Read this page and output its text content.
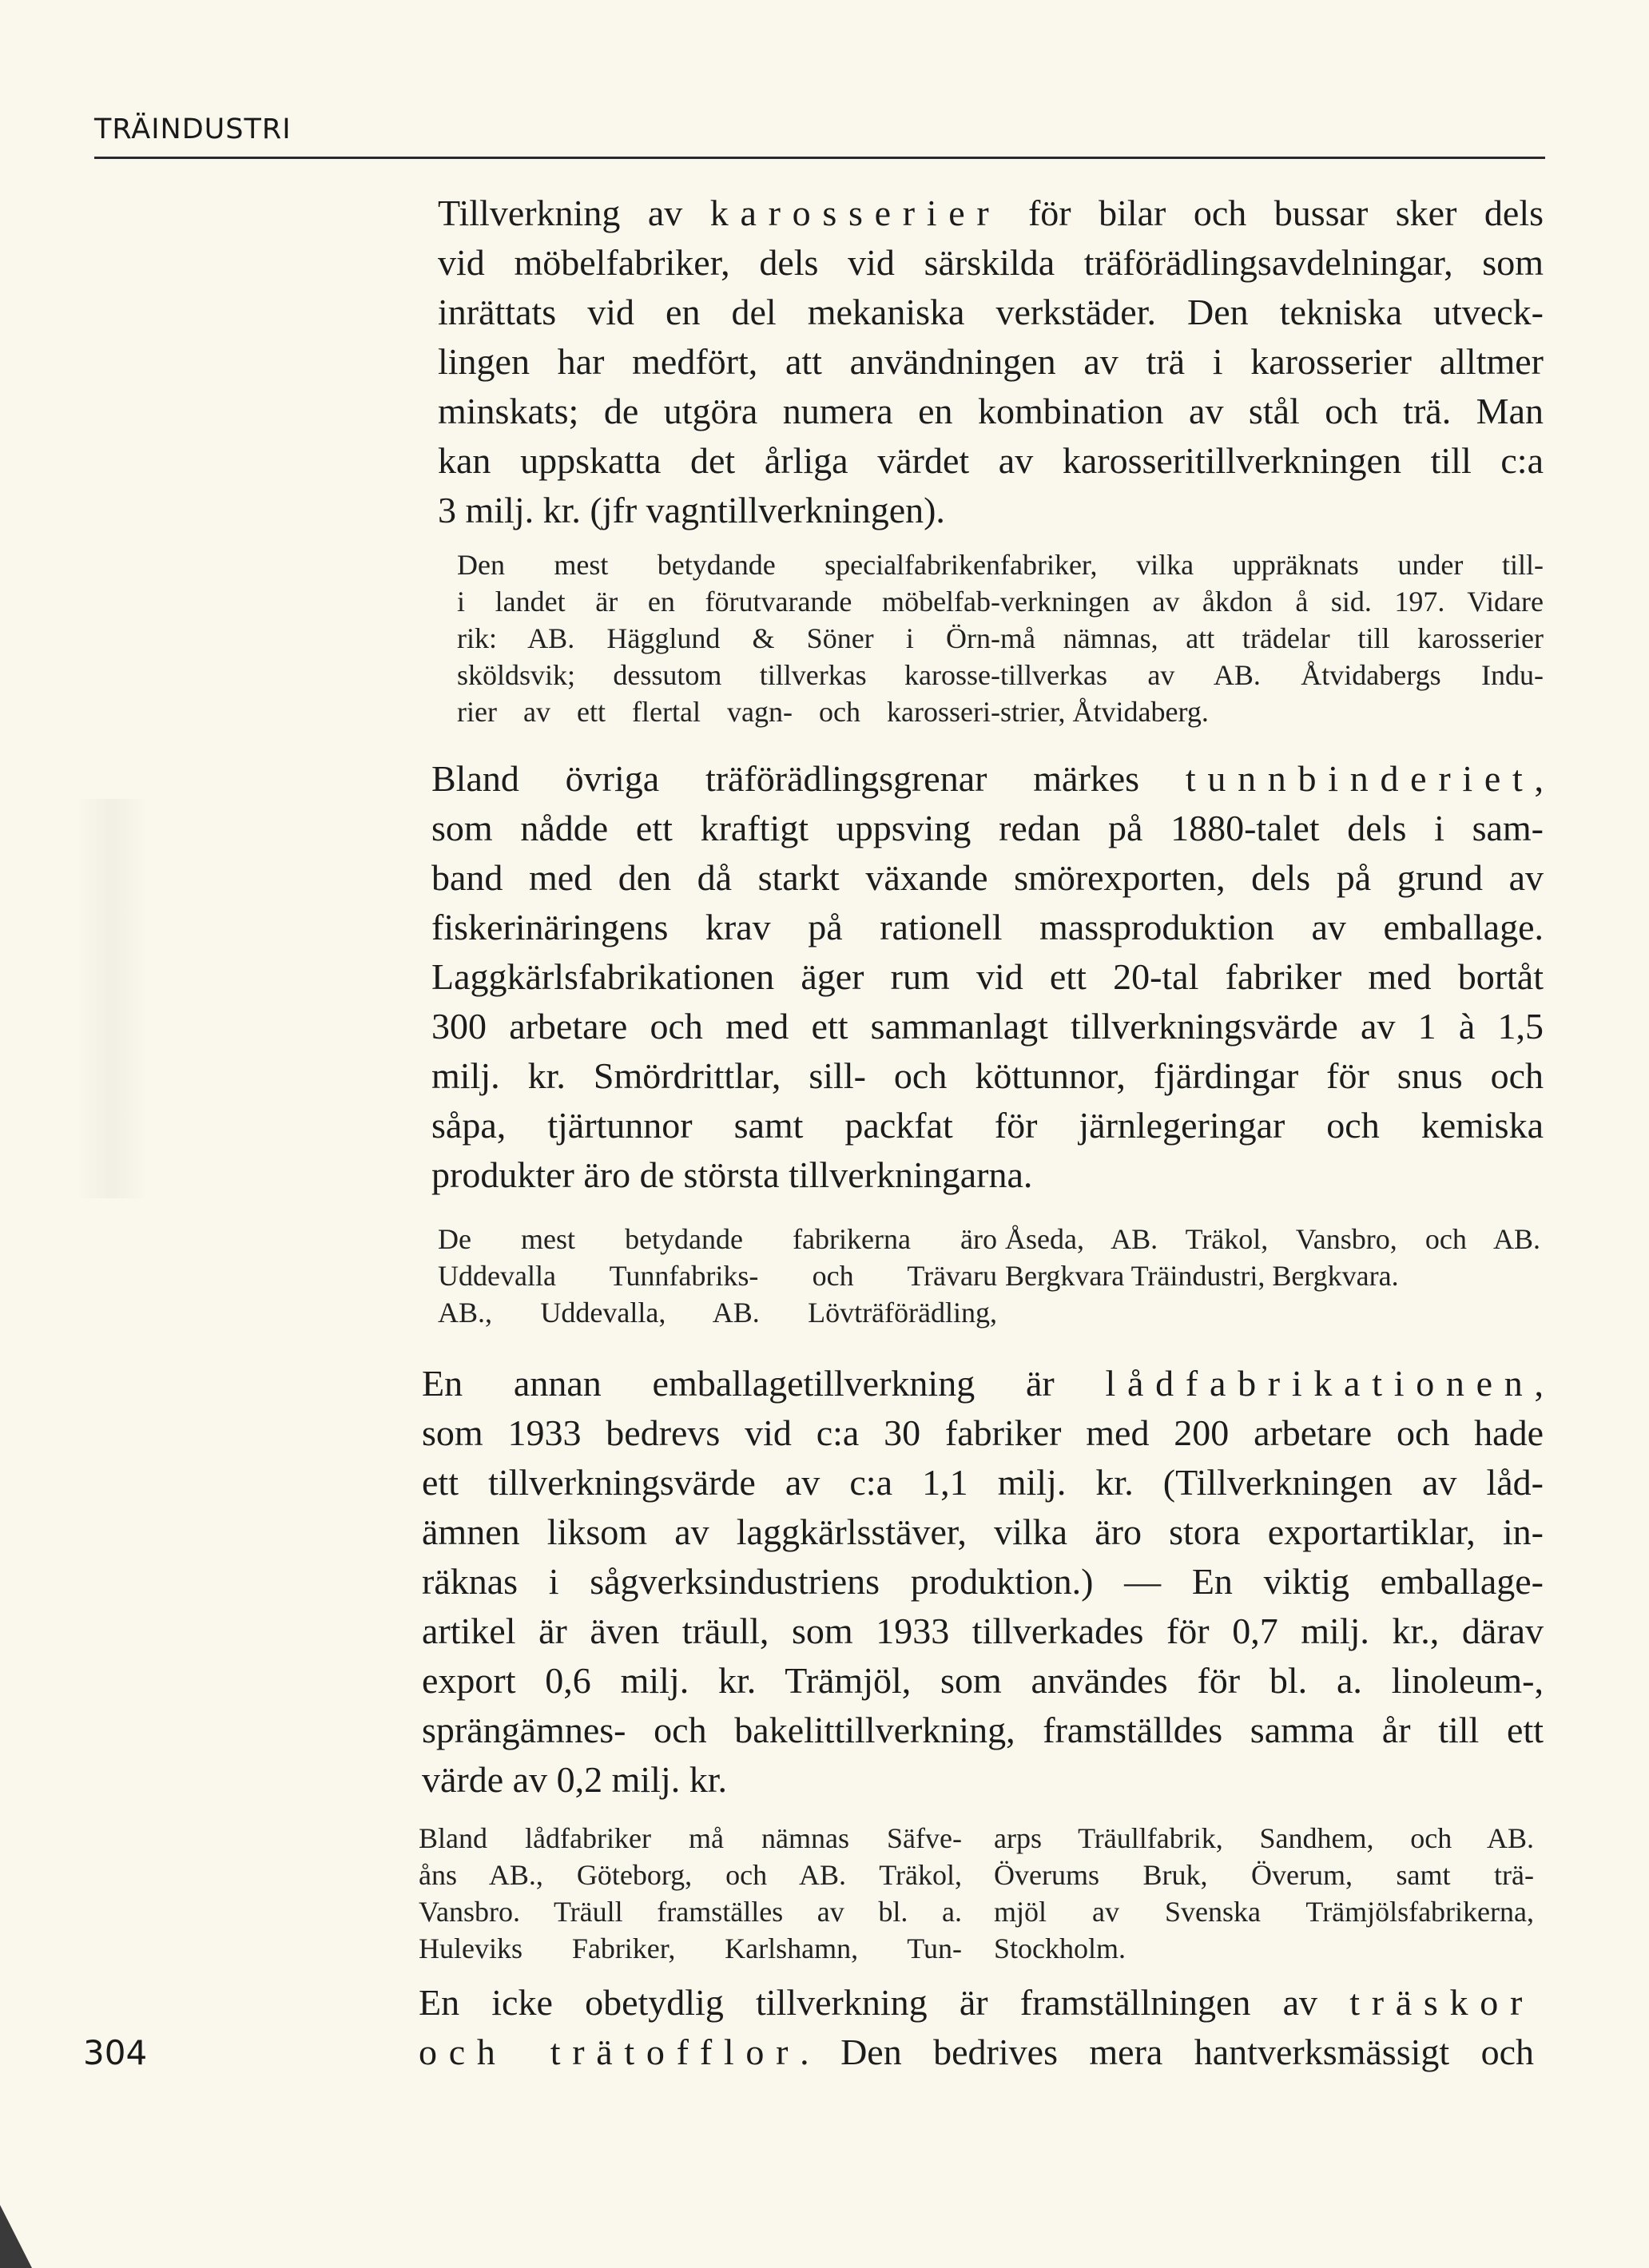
TRÄINDUSTRI
Tillverkning av karosserier för bilar och bussar sker dels
vid möbelfabriker, dels vid särskilda träförädlingsavdelningar, som
inrättats vid en del mekaniska verkstäder. Den tekniska utveck-
lingen har medfört, att användningen av trä i karosserier alltmer
minskats; de utgöra numera en kombination av stål och trä. Man
kan uppskatta det årliga värdet av karosseritillverkningen till c:a
3 milj. kr. (jfr vagntillverkningen).
Den mest betydande specialfabriken
i landet är en förutvarande möbelfab-
rik: AB. Hägglund & Söner i Örn-
sköldsvik; dessutom tillverkas karosse-
rier av ett flertal vagn- och karosseri-
fabriker, vilka uppräknats under till-
verkningen av åkdon å sid. 197. Vidare
må nämnas, att trädelar till karosserier
tillverkas av AB. Åtvidabergs Indu-
strier, Åtvidaberg.
Bland övriga träförädlingsgrenar märkes tunnbinderiet,
som nådde ett kraftigt uppsving redan på 1880-talet dels i sam-
band med den då starkt växande smörexporten, dels på grund av
fiskerinäringens krav på rationell massproduktion av emballage.
Laggkärlsfabrikationen äger rum vid ett 20-tal fabriker med bortåt
300 arbetare och med ett sammanlagt tillverkningsvärde av 1 à 1,5
milj. kr. Smördrittlar, sill- och köttunnor, fjärdingar för snus och
såpa, tjärtunnor samt packfat för järnlegeringar och kemiska
produkter äro de största tillverkningarna.
De mest betydande fabrikerna äro
Uddevalla Tunnfabriks- och Trävaru
AB., Uddevalla, AB. Lövträförädling,
Åseda, AB. Träkol, Vansbro, och AB.
Bergkvara Träindustri, Bergkvara.
En annan emballagetillverkning är lådfabrikationen,
som 1933 bedrevs vid c:a 30 fabriker med 200 arbetare och hade
ett tillverkningsvärde av c:a 1,1 milj. kr. (Tillverkningen av låd-
ämnen liksom av laggkärlsstäver, vilka äro stora exportartiklar, in-
räknas i sågverksindustriens produktion.) — En viktig emballage-
artikel är även träull, som 1933 tillverkades för 0,7 milj. kr., därav
export 0,6 milj. kr. Trämjöl, som användes för bl. a. linoleum-,
sprängämnes- och bakelittillverkning, framställdes samma år till ett
värde av 0,2 milj. kr.
Bland lådfabriker må nämnas Säfve-
åns AB., Göteborg, och AB. Träkol,
Vansbro. Träull framställes av bl. a.
Huleviks Fabriker, Karlshamn, Tun-
arps Träullfabrik, Sandhem, och AB.
Överums Bruk, Överum, samt trä-
mjöl av Svenska Trämjölsfabrikerna,
Stockholm.
En icke obetydlig tillverkning är framställningen av träskor
och trätofflor. Den bedrives mera hantverksmässigt och
304
